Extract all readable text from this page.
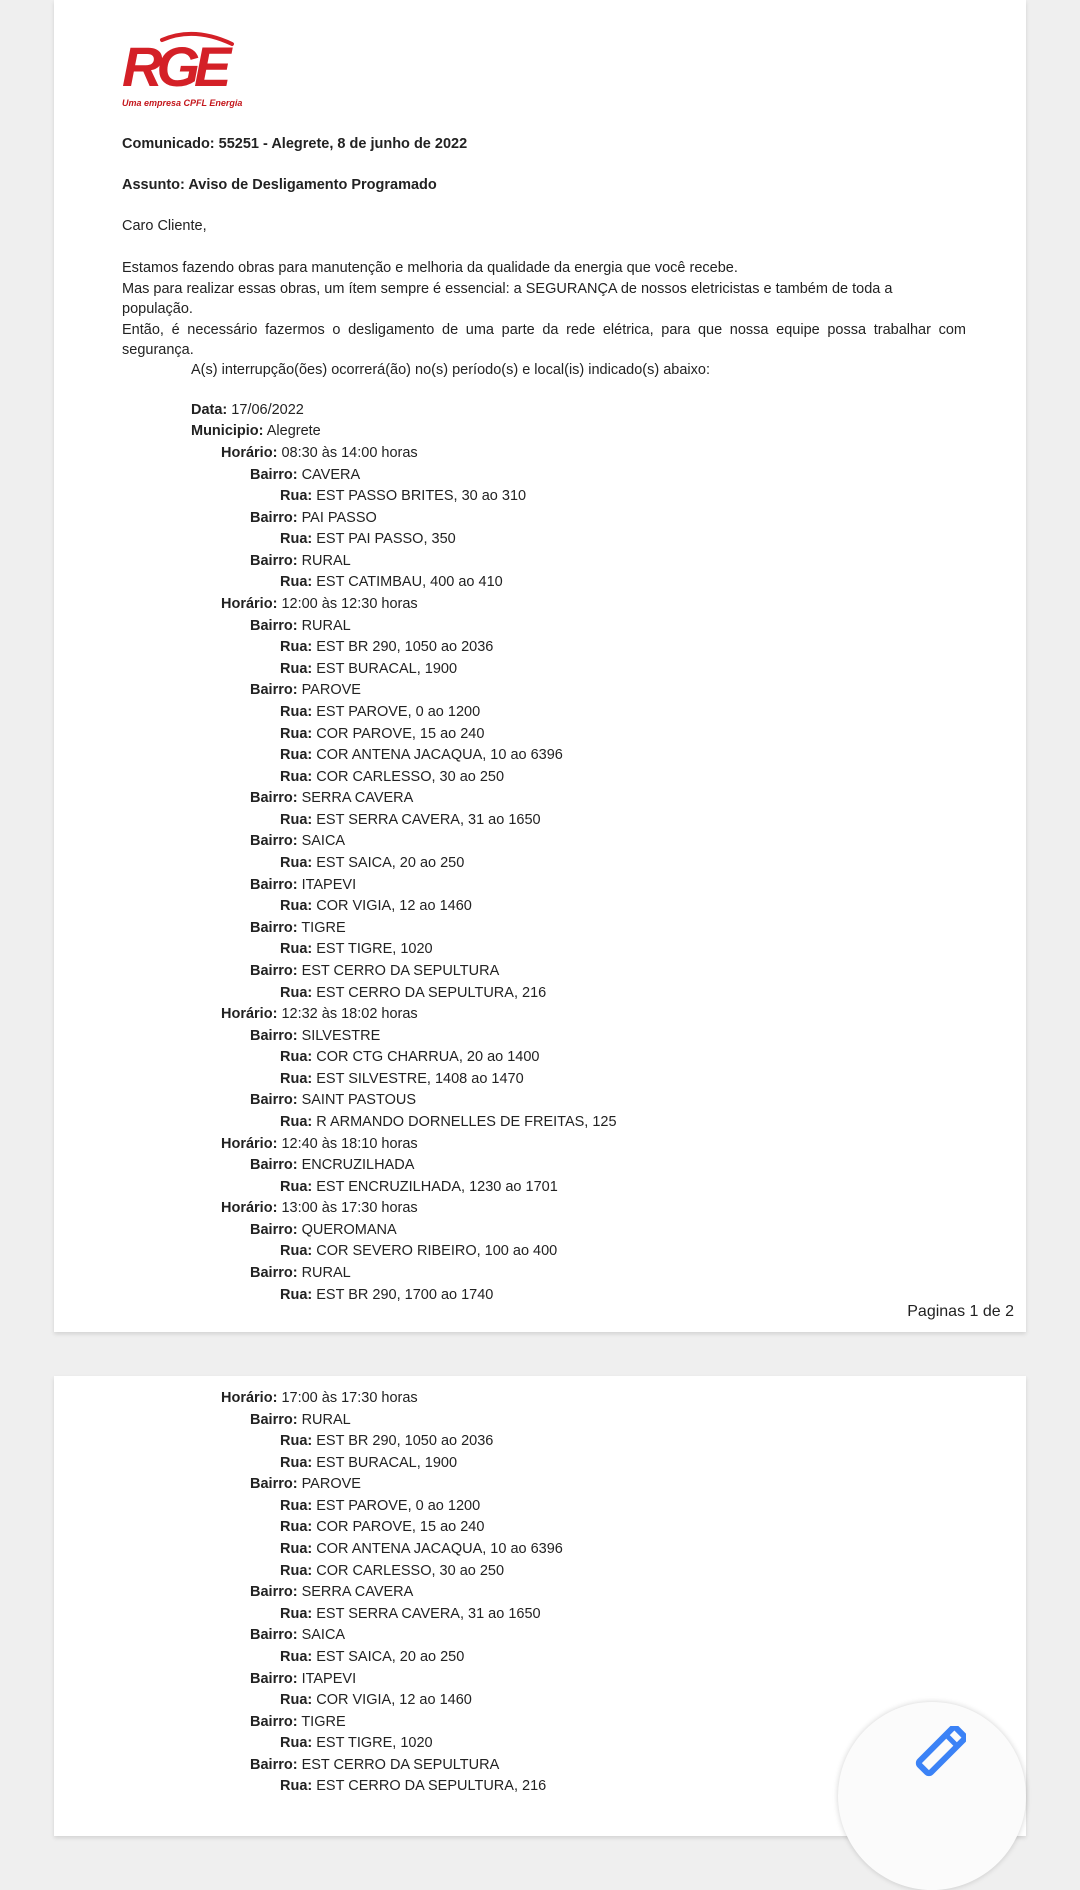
RGE
Uma empresa CPFL Energia
Comunicado: 55251 - Alegrete, 8 de junho de 2022
Assunto: Aviso de Desligamento Programado
Caro Cliente,

Estamos fazendo obras para manutenção e melhoria da qualidade da energia que você recebe.

Mas para realizar essas obras, um ítem sempre é essencial: a SEGURANÇA de nossos eletricistas e também de toda a população.

Então, é necessário fazermos o desligamento de uma parte da rede elétrica, para que nossa equipe possa trabalhar com segurança.

A(s) interrupção(ões) ocorrerá(ão) no(s) período(s) e local(is) indicado(s) abaixo:
Data: 17/06/2022
Municipio: Alegrete
Horário: 08:30 às 14:00 horas
Bairro: CAVERA
Rua: EST PASSO BRITES, 30 ao 310
Bairro: PAI PASSO
Rua: EST PAI PASSO, 350
Bairro: RURAL
Rua: EST CATIMBAU, 400 ao 410
Horário: 12:00 às 12:30 horas
Bairro: RURAL
Rua: EST BR 290, 1050 ao 2036
Rua: EST BURACAL, 1900
Bairro: PAROVE
Rua: EST PAROVE, 0 ao 1200
Rua: COR PAROVE, 15 ao 240
Rua: COR ANTENA JACAQUA, 10 ao 6396
Rua: COR CARLESSO, 30 ao 250
Bairro: SERRA CAVERA
Rua: EST SERRA CAVERA, 31 ao 1650
Bairro: SAICA
Rua: EST SAICA, 20 ao 250
Bairro: ITAPEVI
Rua: COR VIGIA, 12 ao 1460
Bairro: TIGRE
Rua: EST TIGRE, 1020
Bairro: EST CERRO DA SEPULTURA
Rua: EST CERRO DA SEPULTURA, 216
Horário: 12:32 às 18:02 horas
Bairro: SILVESTRE
Rua: COR CTG CHARRUA, 20 ao 1400
Rua: EST SILVESTRE, 1408 ao 1470
Bairro: SAINT PASTOUS
Rua: R ARMANDO DORNELLES DE FREITAS, 125
Horário: 12:40 às 18:10 horas
Bairro: ENCRUZILHADA
Rua: EST ENCRUZILHADA, 1230 ao 1701
Horário: 13:00 às 17:30 horas
Bairro: QUEROMANA
Rua: COR SEVERO RIBEIRO, 100 ao 400
Bairro: RURAL
Rua: EST BR 290, 1700 ao 1740
Paginas 1 de 2
Horário: 17:00 às 17:30 horas
Bairro: RURAL
Rua: EST BR 290, 1050 ao 2036
Rua: EST BURACAL, 1900
Bairro: PAROVE
Rua: EST PAROVE, 0 ao 1200
Rua: COR PAROVE, 15 ao 240
Rua: COR ANTENA JACAQUA, 10 ao 6396
Rua: COR CARLESSO, 30 ao 250
Bairro: SERRA CAVERA
Rua: EST SERRA CAVERA, 31 ao 1650
Bairro: SAICA
Rua: EST SAICA, 20 ao 250
Bairro: ITAPEVI
Rua: COR VIGIA, 12 ao 1460
Bairro: TIGRE
Rua: EST TIGRE, 1020
Bairro: EST CERRO DA SEPULTURA
Rua: EST CERRO DA SEPULTURA, 216
